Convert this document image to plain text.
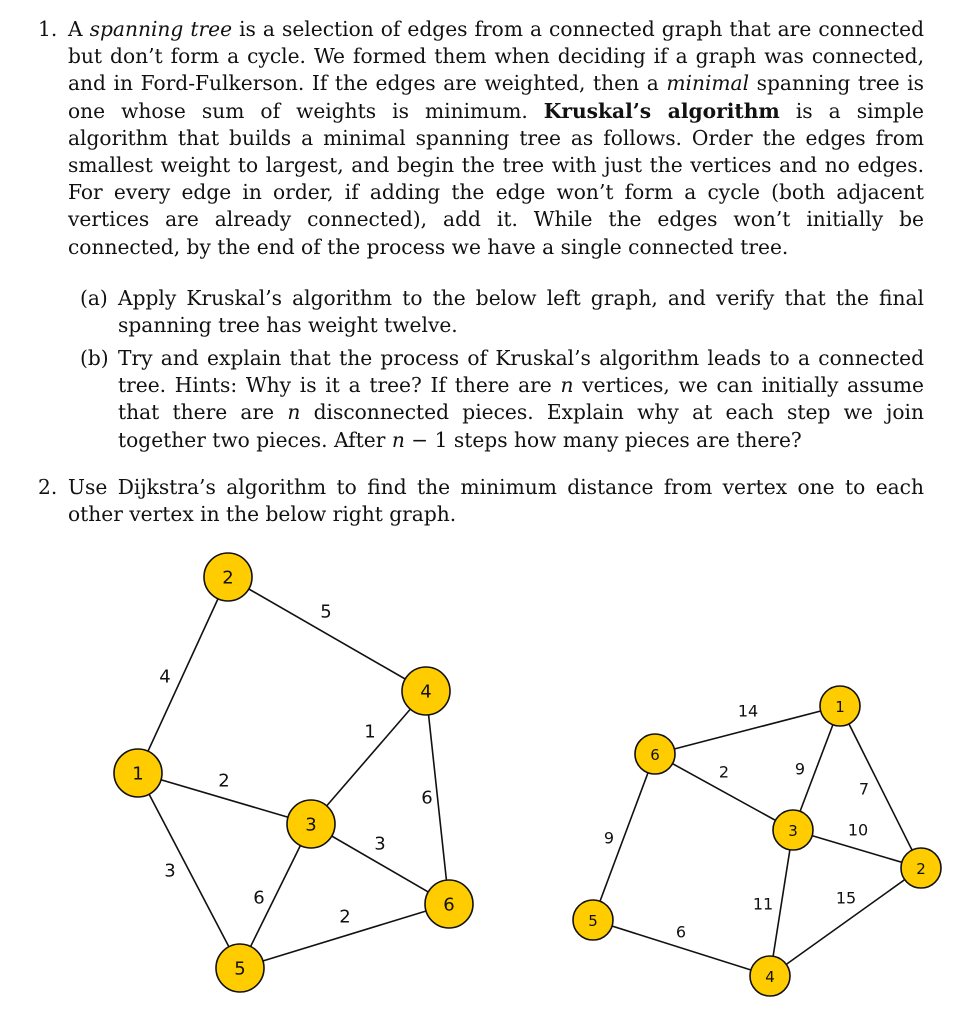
1. A spanning tree is a selection of edges from a connected graph that are connected but don’t form a cycle. We formed them when deciding if a graph was connected, and in Ford-Fulkerson. If the edges are weighted, then a minimal spanning tree is one whose sum of weights is minimum. Kruskal’s algorithm is a simple algorithm that builds a minimal spanning tree as follows. Order the edges from smallest weight to largest, and begin the tree with just the vertices and no edges. For every edge in order, if adding the edge won’t form a cycle (both adjacent vertices are already connected), add it. While the edges won’t initially be connected, by the end of the process we have a single connected tree.
(a) Apply Kruskal’s algorithm to the below left graph, and verify that the final spanning tree has weight twelve.
(b) Try and explain that the process of Kruskal’s algorithm leads to a connected tree. Hints: Why is it a tree? If there are n vertices, we can initially assume that there are n disconnected pieces. Explain why at each step we join together two pieces. After n − 1 steps how many pieces are there?
2. Use Dijkstra’s algorithm to find the minimum distance from vertex one to each other vertex in the below right graph.
4
5
2
1
6
3
3
6
2
1
2
3
4
5
6
14
2	9
7
10
9
11	15
6
1
2
3
4
5
6
